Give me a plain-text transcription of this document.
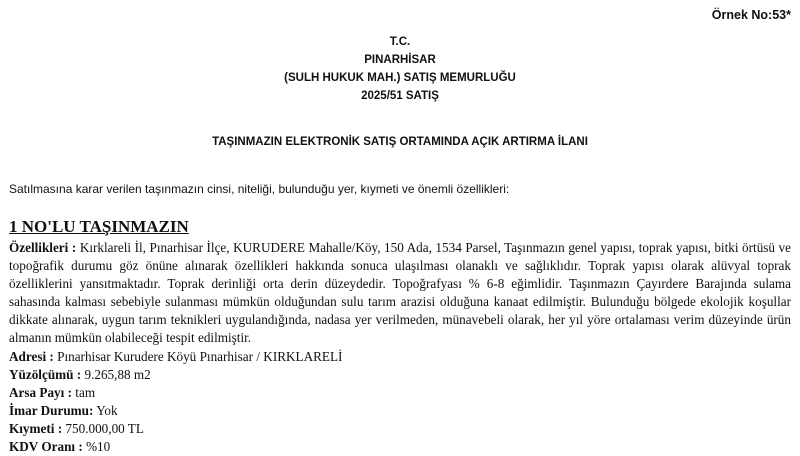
Örnek No:53*
T.C.
PINARHİSAR
(SULH HUKUK MAH.) SATIŞ MEMURLUĞU
2025/51 SATIŞ
TAŞINMAZIN ELEKTRONİK SATIŞ ORTAMINDA AÇIK ARTIRMA İLANI
Satılmasına karar verilen taşınmazın cinsi, niteliği, bulunduğu yer, kıymeti ve önemli özellikleri:
1 NO'LU TAŞINMAZIN

Özellikleri : Kırklareli İl, Pınarhisar İlçe, KURUDERE Mahalle/Köy, 150 Ada, 1534 Parsel, Taşınmazın genel yapısı, toprak yapısı, bitki örtüsü ve topoğrafik durumu göz önüne alınarak özellikleri hakkında sonuca ulaşılması olanaklı ve sağlıklıdır. Toprak yapısı olarak alüvyal toprak özelliklerini yansıtmaktadır. Toprak derinliği orta derin düzeydedir. Topoğrafyası % 6-8 eğimlidir. Taşınmazın Çayırdere Barajında sulama sahasında kalması sebebiyle sulanması mümkün olduğundan sulu tarım arazisi olduğuna kanaat edilmiştir. Bulunduğu bölgede ekolojik koşullar dikkate alınarak, uygun tarım teknikleri uygulandığında, nadasa yer verilmeden, münavebeli olarak, her yıl yöre ortalaması verim düzeyinde ürün almanın mümkün olabileceği tespit edilmiştir.

Adresi : Pınarhisar Kurudere Köyü Pınarhisar / KIRKLARELİ

Yüzölçümü : 9.265,88 m2

Arsa Payı : tam

İmar Durumu: Yok

Kıymeti : 750.000,00 TL

KDV Oranı : %10
